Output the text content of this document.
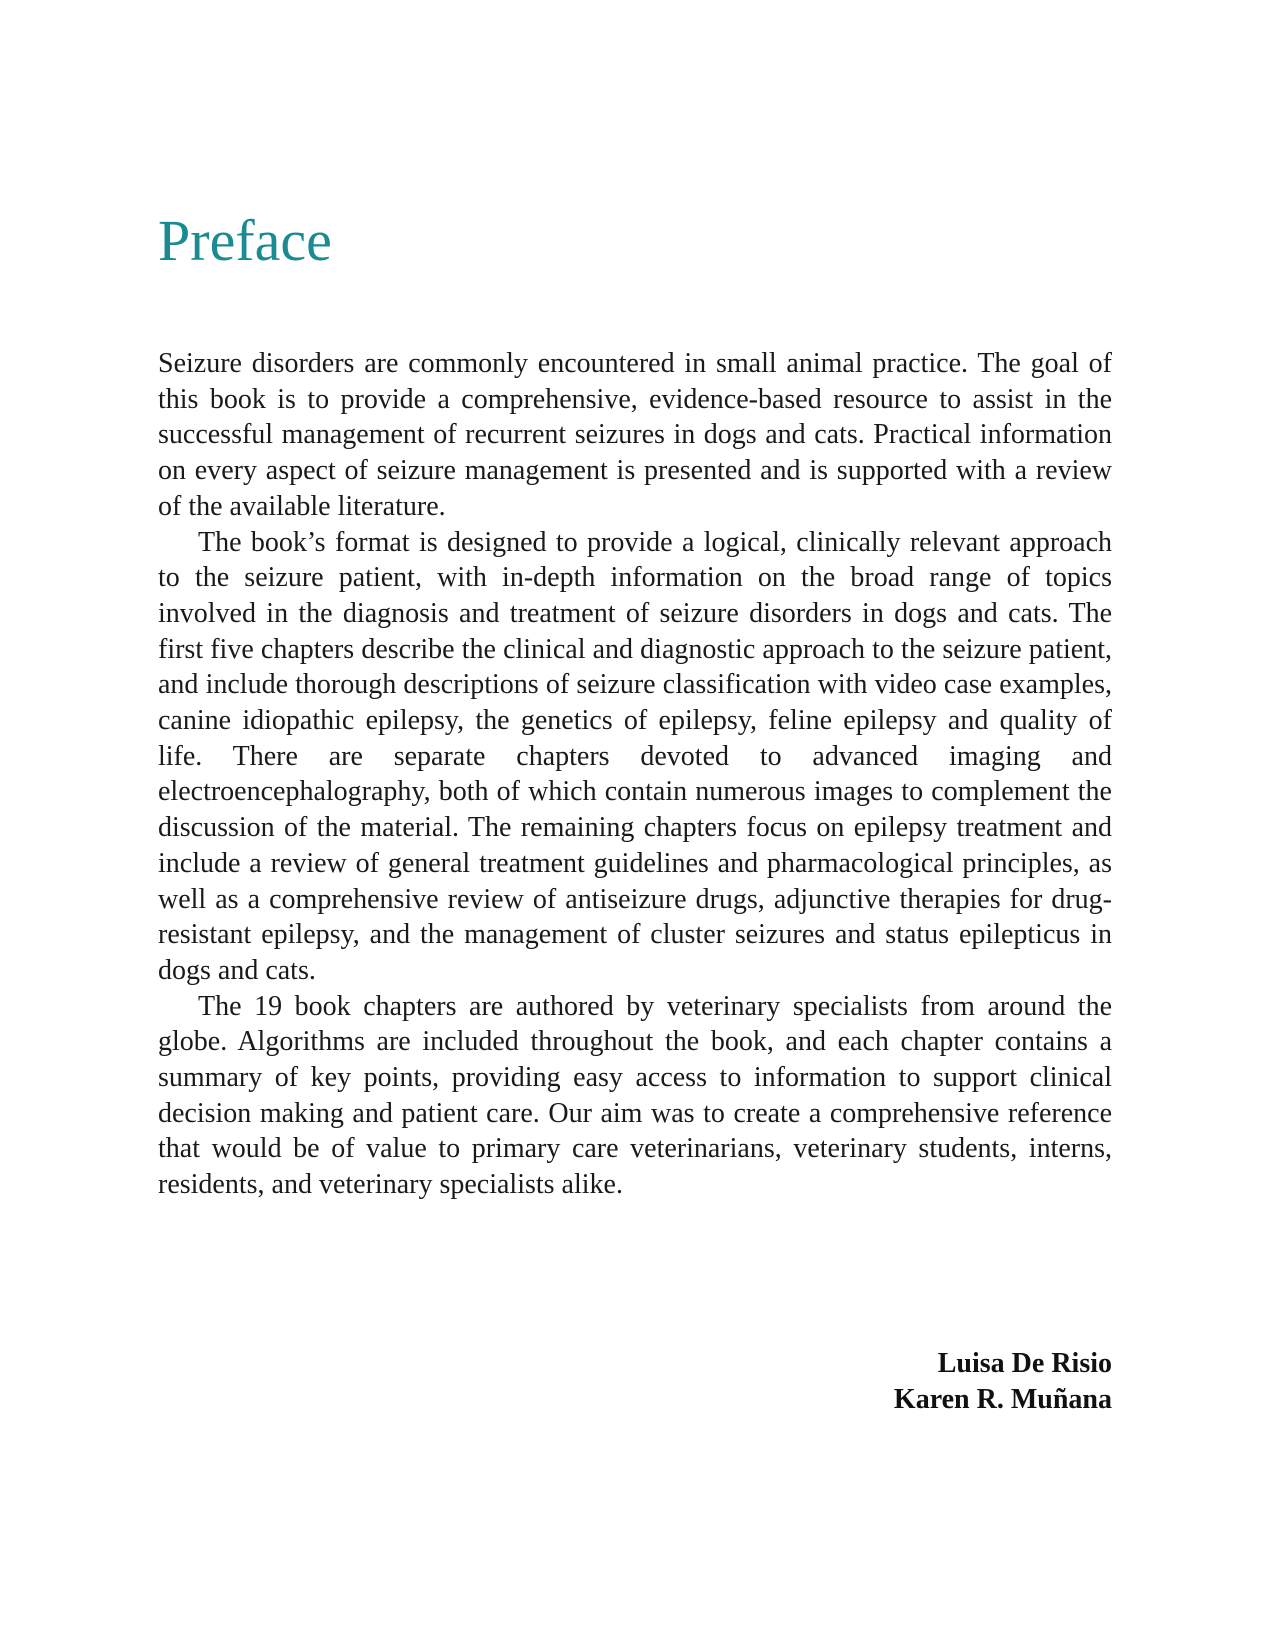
Preface

Seizure disorders are commonly encountered in small animal practice. The goal of this book is to provide a comprehensive, evidence-based resource to assist in the successful management of recurrent seizures in dogs and cats. Practical information on every aspect of seizure management is presented and is supported with a review of the available literature.

The book’s format is designed to provide a logical, clinically relevant approach to the seizure patient, with in-depth information on the broad range of topics involved in the diagnosis and treatment of seizure disorders in dogs and cats. The first five chapters describe the clinical and diagnostic approach to the seizure patient, and include thorough descriptions of seizure classification with video case examples, canine idiopathic epilepsy, the genetics of epilepsy, feline epilepsy and quality of life. There are separate chapters devoted to advanced imaging and electroencephalography, both of which contain numerous images to complement the discussion of the material. The remaining chapters focus on epilepsy treatment and include a review of general treatment guidelines and pharmacological principles, as well as a comprehensive review of antiseizure drugs, adjunctive therapies for drug-resistant epilepsy, and the management of cluster seizures and status epilepticus in dogs and cats.

The 19 book chapters are authored by veterinary specialists from around the globe. Algorithms are included throughout the book, and each chapter contains a summary of key points, providing easy access to information to support clinical decision making and patient care. Our aim was to create a comprehensive reference that would be of value to primary care veterinarians, veterinary students, interns, residents, and veterinary specialists alike.

Luisa De Risio
Karen R. Muñana
